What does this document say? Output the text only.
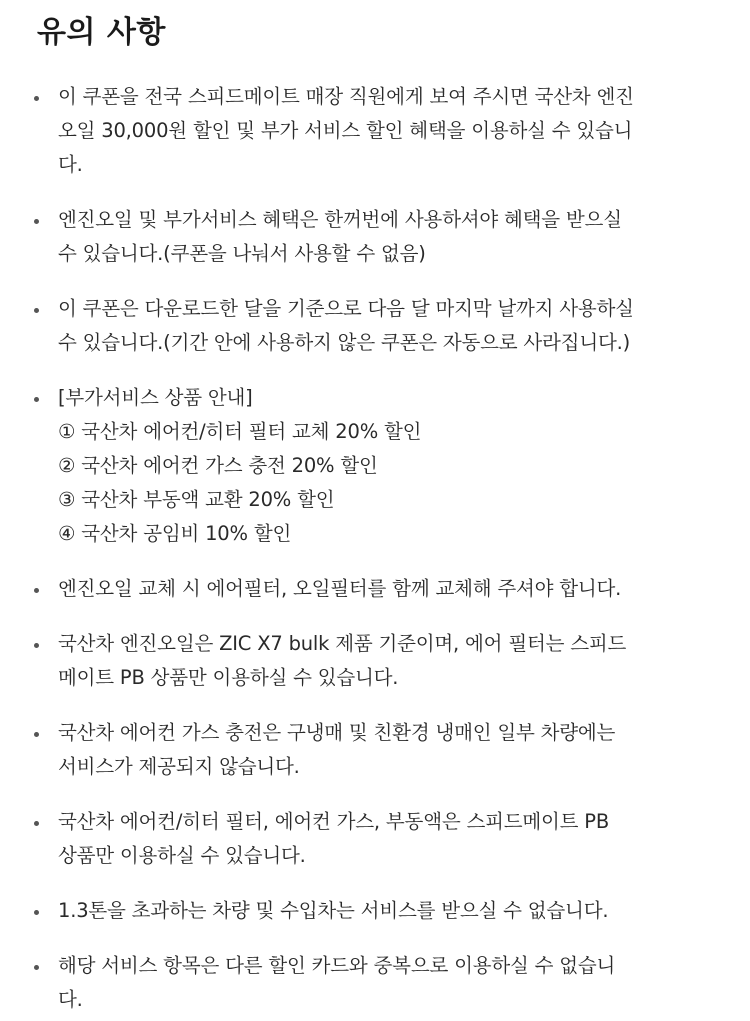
유의 사항
이 쿠폰을 전국 스피드메이트 매장 직원에게 보여 주시면 국산차 엔진
오일 30,000원 할인 및 부가 서비스 할인 혜택을 이용하실 수 있습니
다.
엔진오일 및 부가서비스 혜택은 한꺼번에 사용하셔야 혜택을 받으실
수 있습니다.(쿠폰을 나눠서 사용할 수 없음)
이 쿠폰은 다운로드한 달을 기준으로 다음 달 마지막 날까지 사용하실
수 있습니다.(기간 안에 사용하지 않은 쿠폰은 자동으로 사라집니다.)
[부가서비스 상품 안내]
① 국산차 에어컨/히터 필터 교체 20% 할인
② 국산차 에어컨 가스 충전 20% 할인
③ 국산차 부동액 교환 20% 할인
④ 국산차 공임비 10% 할인
엔진오일 교체 시 에어필터, 오일필터를 함께 교체해 주셔야 합니다.
국산차 엔진오일은 ZIC X7 bulk 제품 기준이며, 에어 필터는 스피드
메이트 PB 상품만 이용하실 수 있습니다.
국산차 에어컨 가스 충전은 구냉매 및 친환경 냉매인 일부 차량에는
서비스가 제공되지 않습니다.
국산차 에어컨/히터 필터, 에어컨 가스, 부동액은 스피드메이트 PB
상품만 이용하실 수 있습니다.
1.3톤을 초과하는 차량 및 수입차는 서비스를 받으실 수 없습니다.
해당 서비스 항목은 다른 할인 카드와 중복으로 이용하실 수 없습니
다.
